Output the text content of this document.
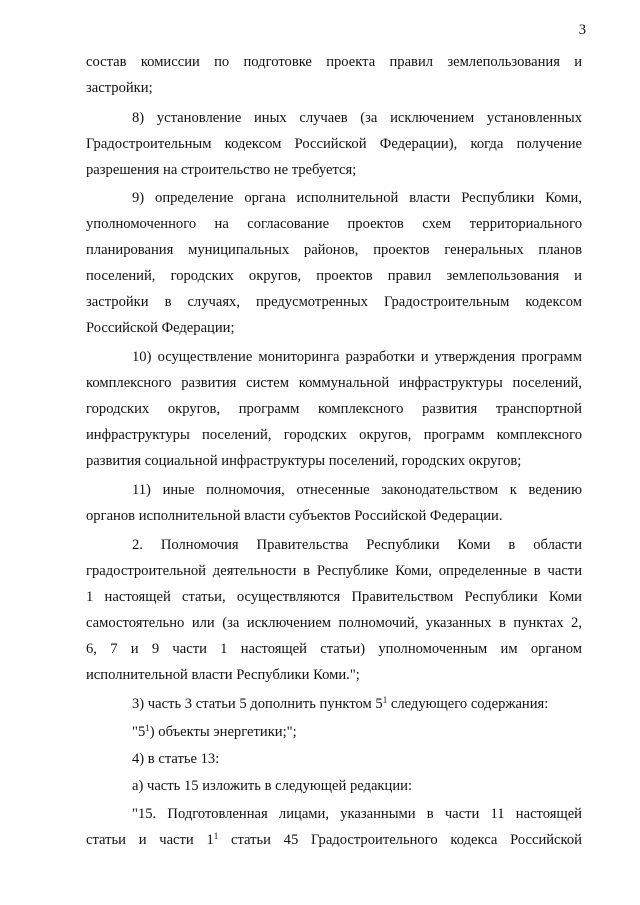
3
состав комиссии по подготовке проекта правил землепользования и
застройки;
8) установление иных случаев (за исключением установленных
Градостроительным кодексом Российской Федерации), когда получение
разрешения на строительство не требуется;
9) определение органа исполнительной власти Республики Коми,
уполномоченного на согласование проектов схем территориального
планирования муниципальных районов, проектов генеральных планов
поселений, городских округов, проектов правил землепользования и
застройки в случаях, предусмотренных Градостроительным кодексом
Российской Федерации;
10) осуществление мониторинга разработки и утверждения программ
комплексного развития систем коммунальной инфраструктуры поселений,
городских округов, программ комплексного развития транспортной
инфраструктуры поселений, городских округов, программ комплексного
развития социальной инфраструктуры поселений, городских округов;
11) иные полномочия, отнесенные законодательством к ведению
органов исполнительной власти субъектов Российской Федерации.
2. Полномочия Правительства Республики Коми в области
градостроительной деятельности в Республике Коми, определенные в части
1 настоящей статьи, осуществляются Правительством Республики Коми
самостоятельно или (за исключением полномочий, указанных в пунктах 2,
6, 7 и 9 части 1 настоящей статьи) уполномоченным им органом
исполнительной власти Республики Коми.";
3) часть 3 статьи 5 дополнить пунктом $5^1$ следующего содержания:
"$5^1$) объекты энергетики;";
4) в статье 13:
а) часть 15 изложить в следующей редакции:
"15. Подготовленная лицами, указанными в части 11 настоящей
статьи и части $1^1$ статьи 45 Градостроительного кодекса Российской
